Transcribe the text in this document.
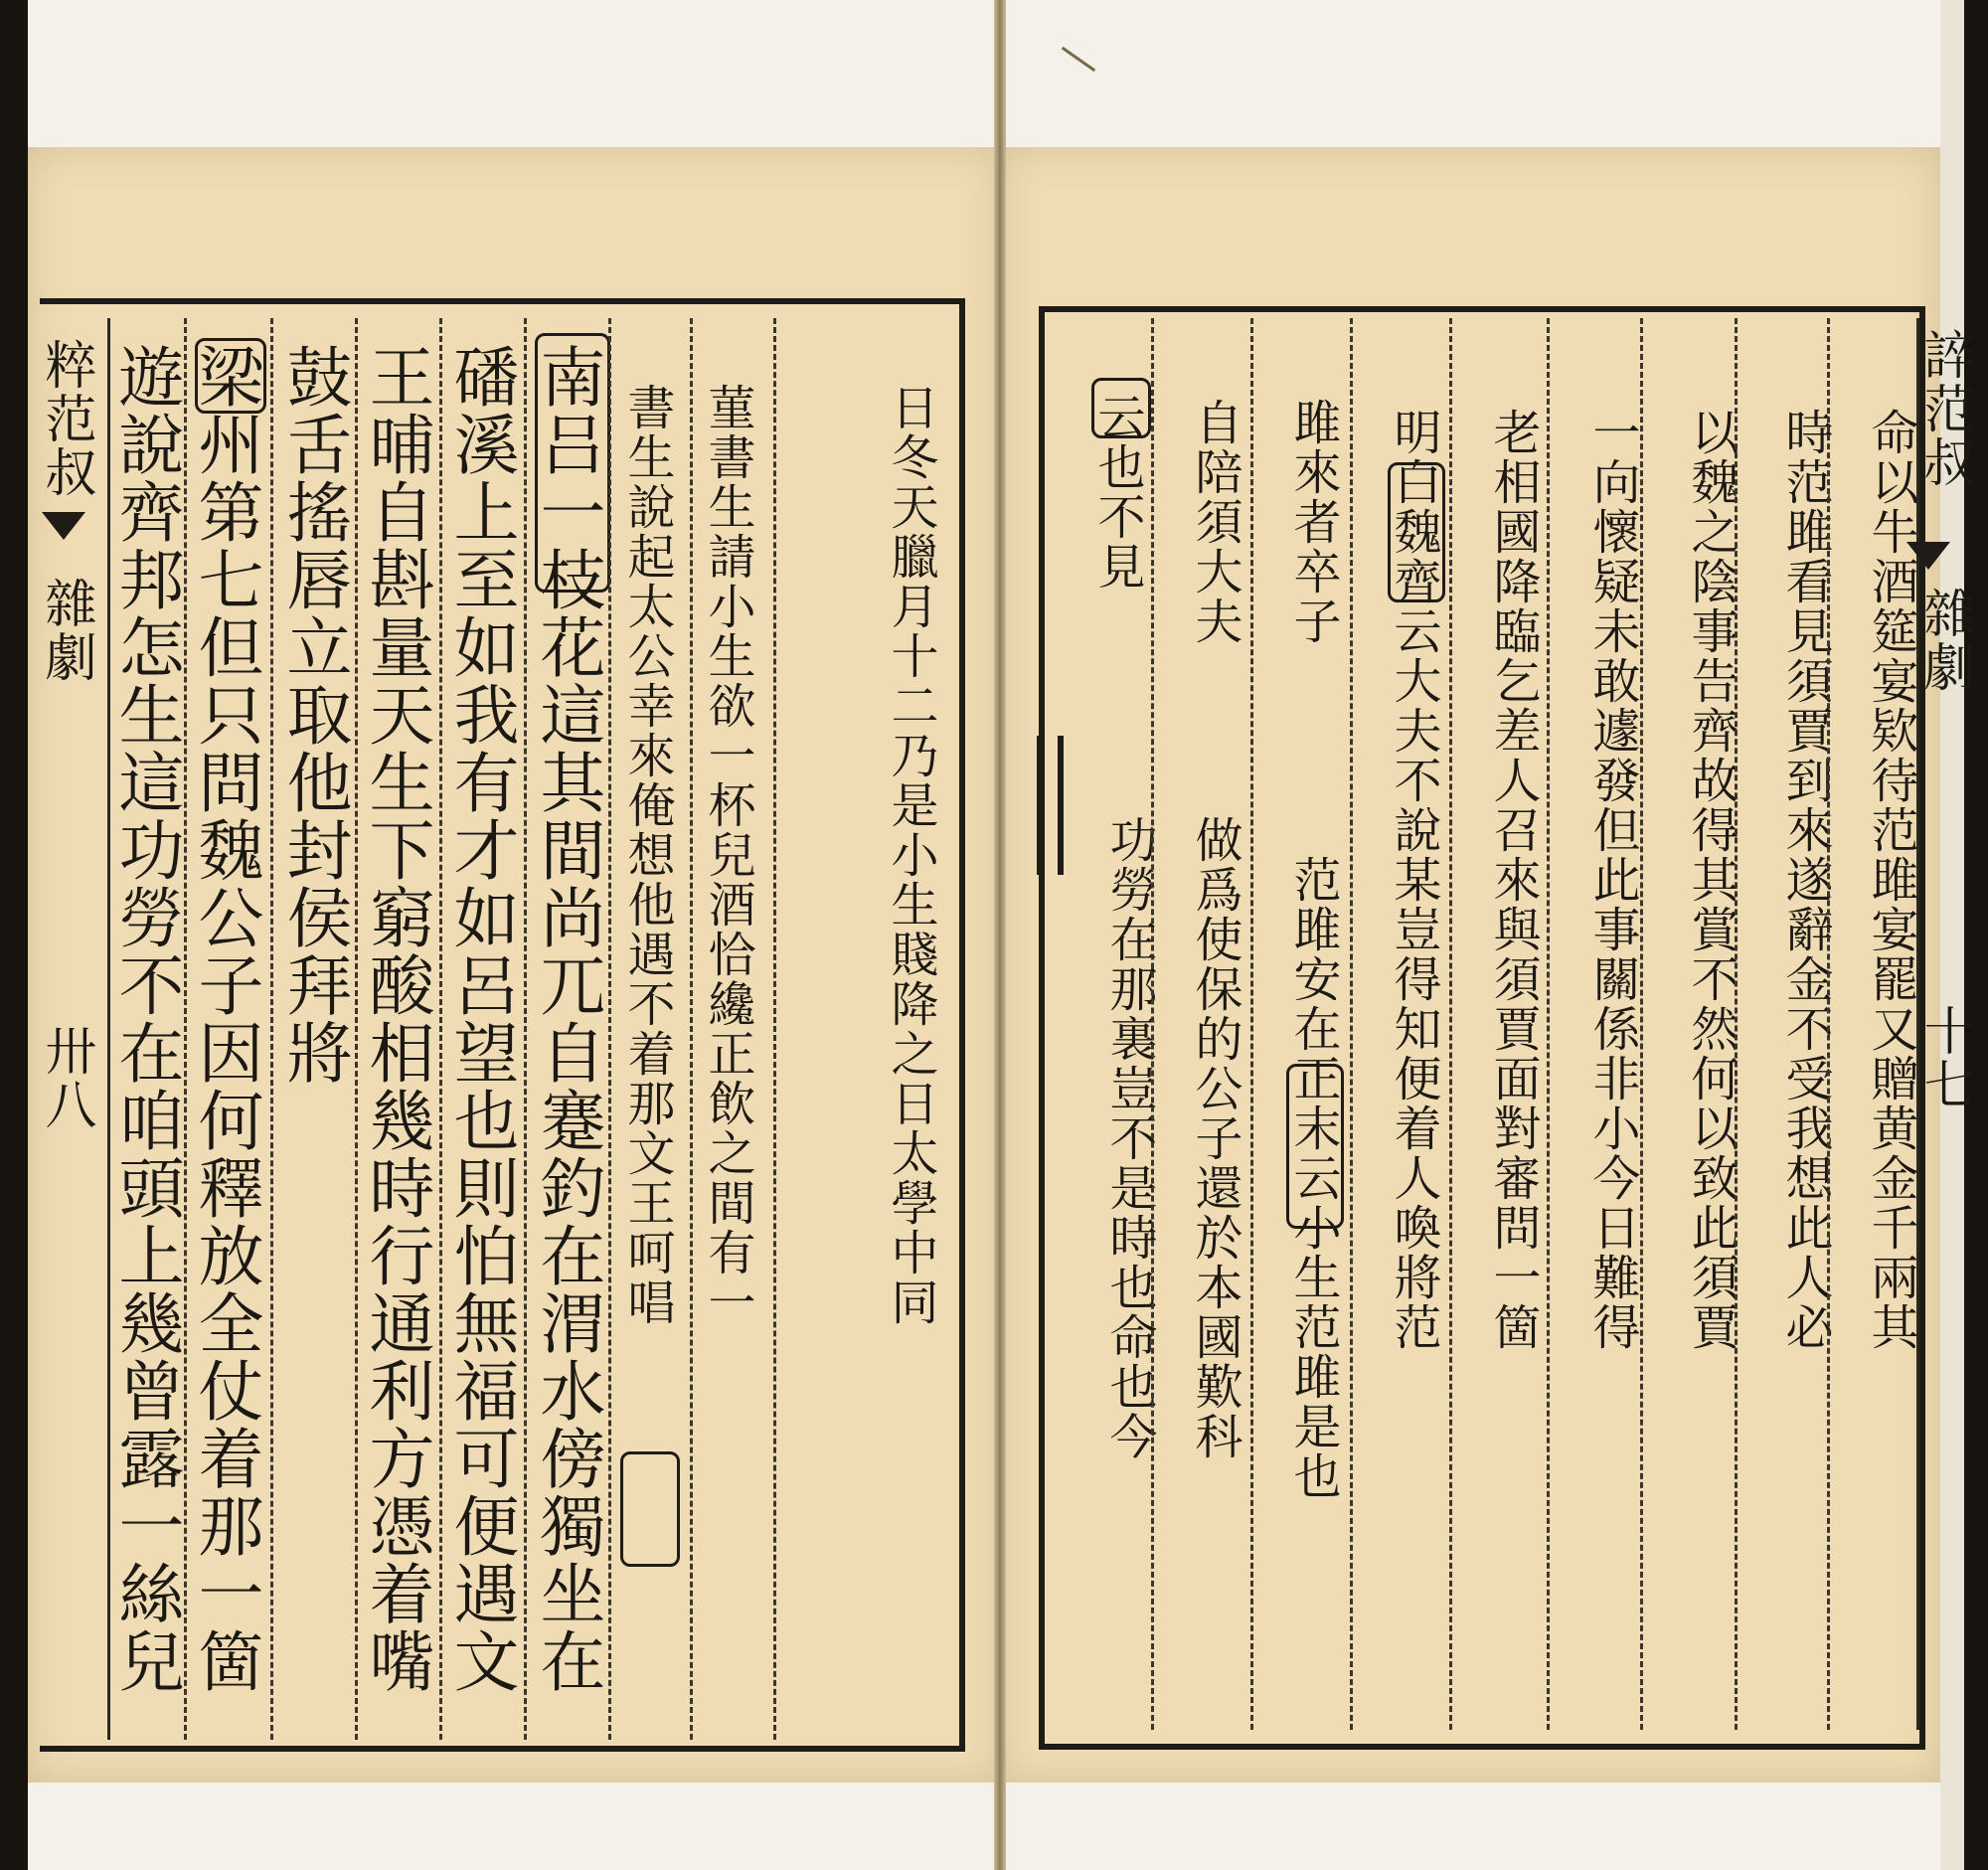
粹范叔
雜劇
卅八 遊說齊邦怎生這功勞不在咱頭上幾曾露一絲兒 梁州第七但只問魏公子因何釋放全仗着那一箇 鼓舌搖唇立取他封侯拜將 王晡自斟量天生下窮酸相幾時行通利方憑着嘴 磻溪上至如我有才如呂望也則怕無福可便遇文 南吕一枝花這其間尚兀自蹇釣在渭水傍獨坐在 書生說起太公幸來俺想他遇不着那文王呵唱 菫書生請小生欲一杯兒酒恰纔正飲之間有一	日冬天臘月十二乃是小生賤降之日太學中同	云也不見
功勞在那裏豈不是時也命也今
自陪須大夫
做爲使保的公子還於本國歎科
雎來者卒子
范雎安在正末云小生范雎是也 明白魏齊云大夫不說某豈得知便着人喚將范 老相國降臨乞差人召來與須賈面對審問一箇 一向懷疑未敢遽發但此事關係非小今日難得 以魏之陰事告齊故得其賞不然何以致此須賈 時范雎看見須賈到來遂辭金不受我想此人必 命以牛酒筵宴欵待范雎宴罷又贈黄金千兩其
誶范叔
雜劇
十七
